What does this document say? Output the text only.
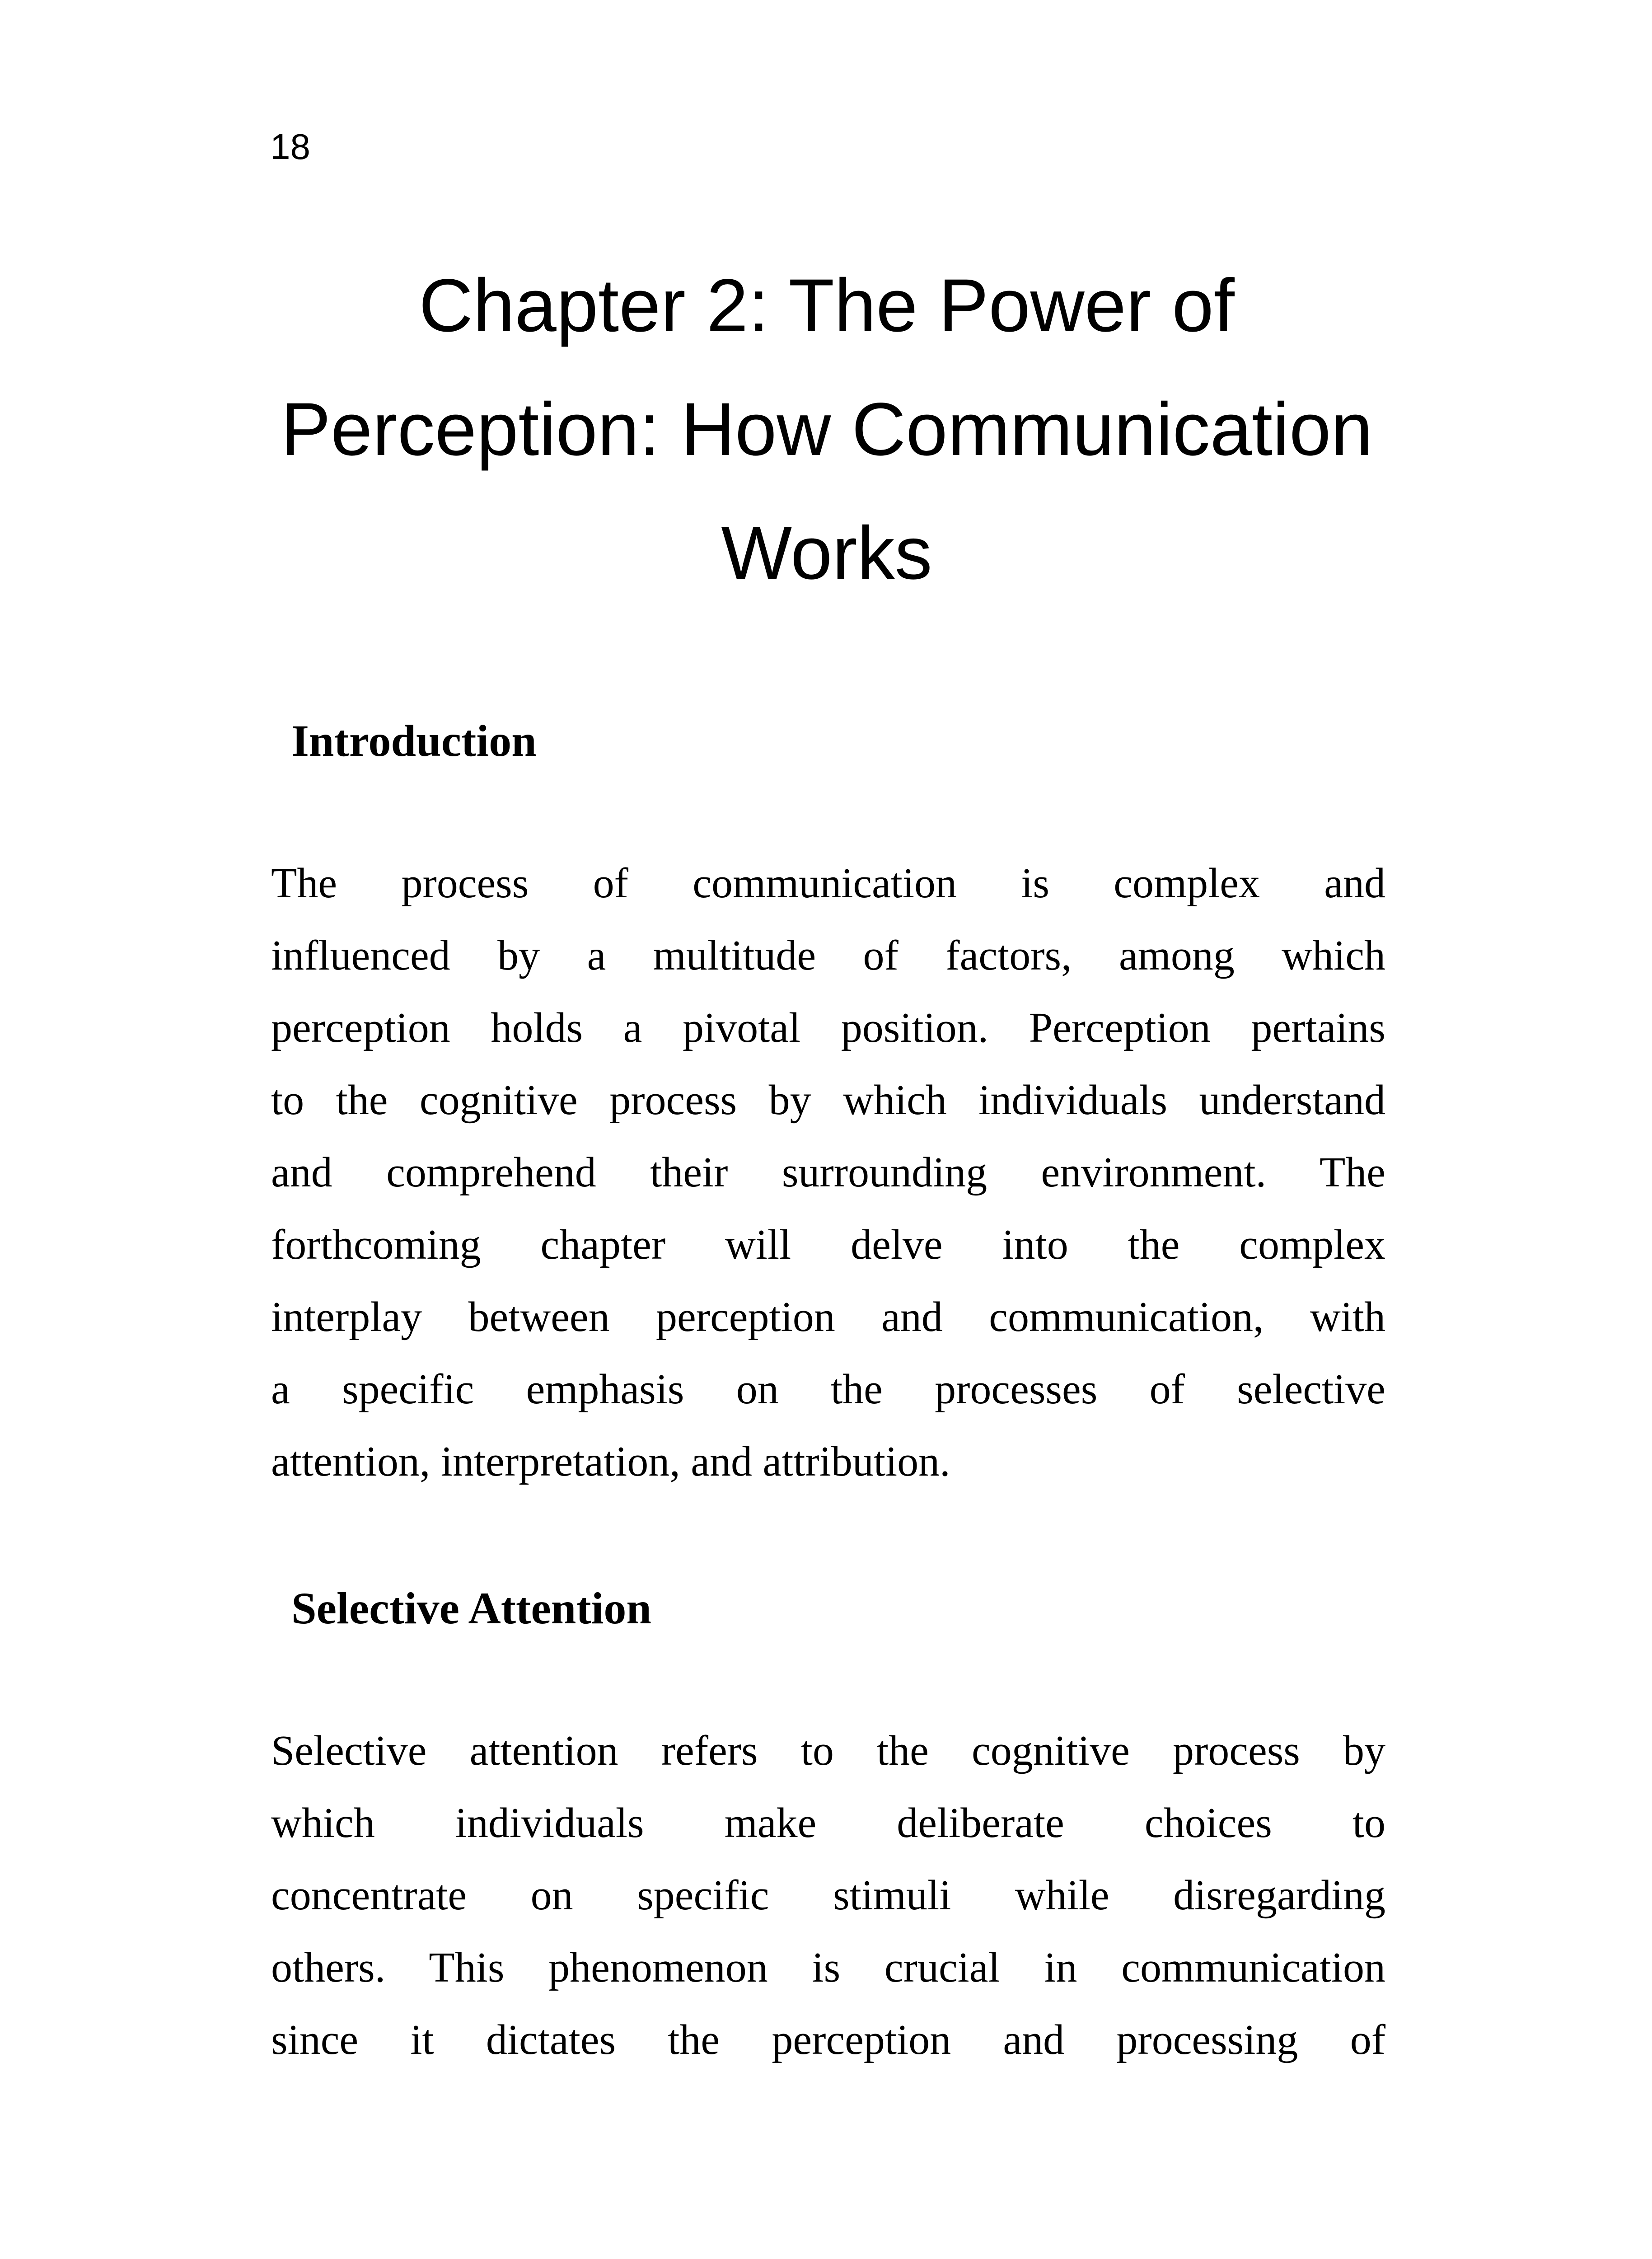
18
Chapter 2: The Power of
Perception: How Communication
Works
Introduction
The process of communication is complex and
influenced by a multitude of factors, among which
perception holds a pivotal position. Perception pertains
to the cognitive process by which individuals understand
and comprehend their surrounding environment. The
forthcoming chapter will delve into the complex
interplay between perception and communication, with
a specific emphasis on the processes of selective
attention, interpretation, and attribution.
Selective Attention
Selective attention refers to the cognitive process by
which individuals make deliberate choices to
concentrate on specific stimuli while disregarding
others. This phenomenon is crucial in communication
since it dictates the perception and processing of
